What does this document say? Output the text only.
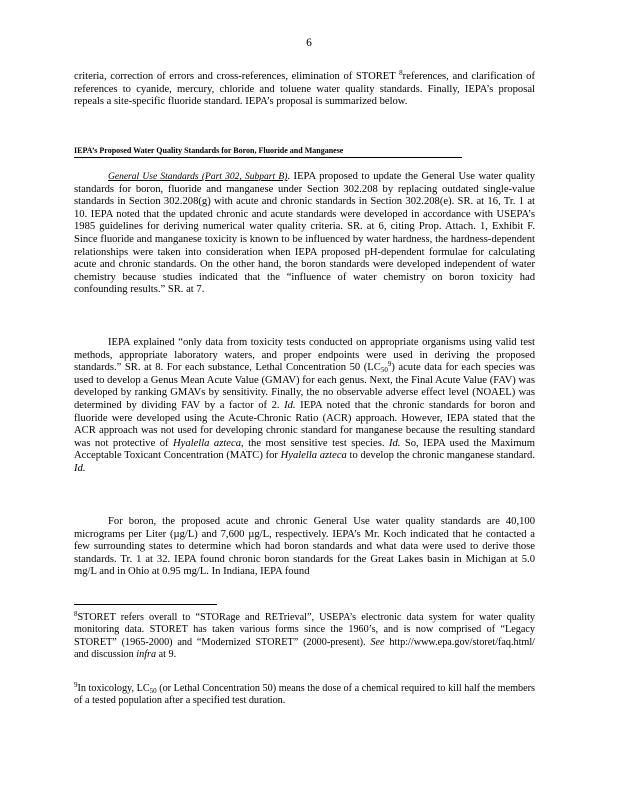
6

criteria, correction of errors and cross-references, elimination of STORET $^8$references, and clarification of references to cyanide, mercury, chloride and toluene water quality standards. Finally, IEPA’s proposal repeals a site-specific fluoride standard. IEPA’s proposal is summarized below.

IEPA’s Proposed Water Quality Standards for Boron, Fluoride and Manganese

General Use Standards (Part 302, Subpart B). IEPA proposed to update the General Use water quality standards for boron, fluoride and manganese under Section 302.208 by replacing outdated single-value standards in Section 302.208(g) with acute and chronic standards in Section 302.208(e). SR. at 16, Tr. 1 at 10. IEPA noted that the updated chronic and acute standards were developed in accordance with USEPA’s 1985 guidelines for deriving numerical water quality criteria. SR. at 6, citing Prop. Attach. 1, Exhibit F. Since fluoride and manganese toxicity is known to be influenced by water hardness, the hardness-dependent relationships were taken into consideration when IEPA proposed pH-dependent formulae for calculating acute and chronic standards. On the other hand, the boron standards were developed independent of water chemistry because studies indicated that the “influence of water chemistry on boron toxicity had confounding results.” SR. at 7.

IEPA explained “only data from toxicity tests conducted on appropriate organisms using valid test methods, appropriate laboratory waters, and proper endpoints were used in deriving the proposed standards.” SR. at 8. For each substance, Lethal Concentration 50 $(LC_{50}^9)$ acute data for each species was used to develop a Genus Mean Acute Value (GMAV) for each genus. Next, the Final Acute Value (FAV) was developed by ranking GMAVs by sensitivity. Finally, the no observable adverse effect level (NOAEL) was determined by dividing FAV by a factor of 2. Id. IEPA noted that the chronic standards for boron and fluoride were developed using the Acute-Chronic Ratio (ACR) approach. However, IEPA stated that the ACR approach was not used for developing chronic standard for manganese because the resulting standard was not protective of Hyalella azteca, the most sensitive test species. Id. So, IEPA used the Maximum Acceptable Toxicant Concentration (MATC) for Hyalella azteca to develop the chronic manganese standard. Id.

For boron, the proposed acute and chronic General Use water quality standards are 40,100 micrograms per Liter (µg/L) and 7,600 µg/L, respectively. IEPA’s Mr. Koch indicated that he contacted a few surrounding states to determine which had boron standards and what data were used to derive those standards. Tr. 1 at 32. IEPA found chronic boron standards for the Great Lakes basin in Michigan at 5.0 mg/L and in Ohio at 0.95 mg/L. In Indiana, IEPA found

$^8$STORET refers overall to “STORage and RETrieval”, USEPA’s electronic data system for water quality monitoring data. STORET has taken various forms since the 1960’s, and is now comprised of “Legacy STORET” (1965-2000) and “Modernized STORET” (2000-present). See http://www.epa.gov/storet/faq.html/ and discussion infra at 9.

$^9$In toxicology, $LC_{50}$ (or Lethal Concentration 50) means the dose of a chemical required to kill half the members of a tested population after a specified test duration.
